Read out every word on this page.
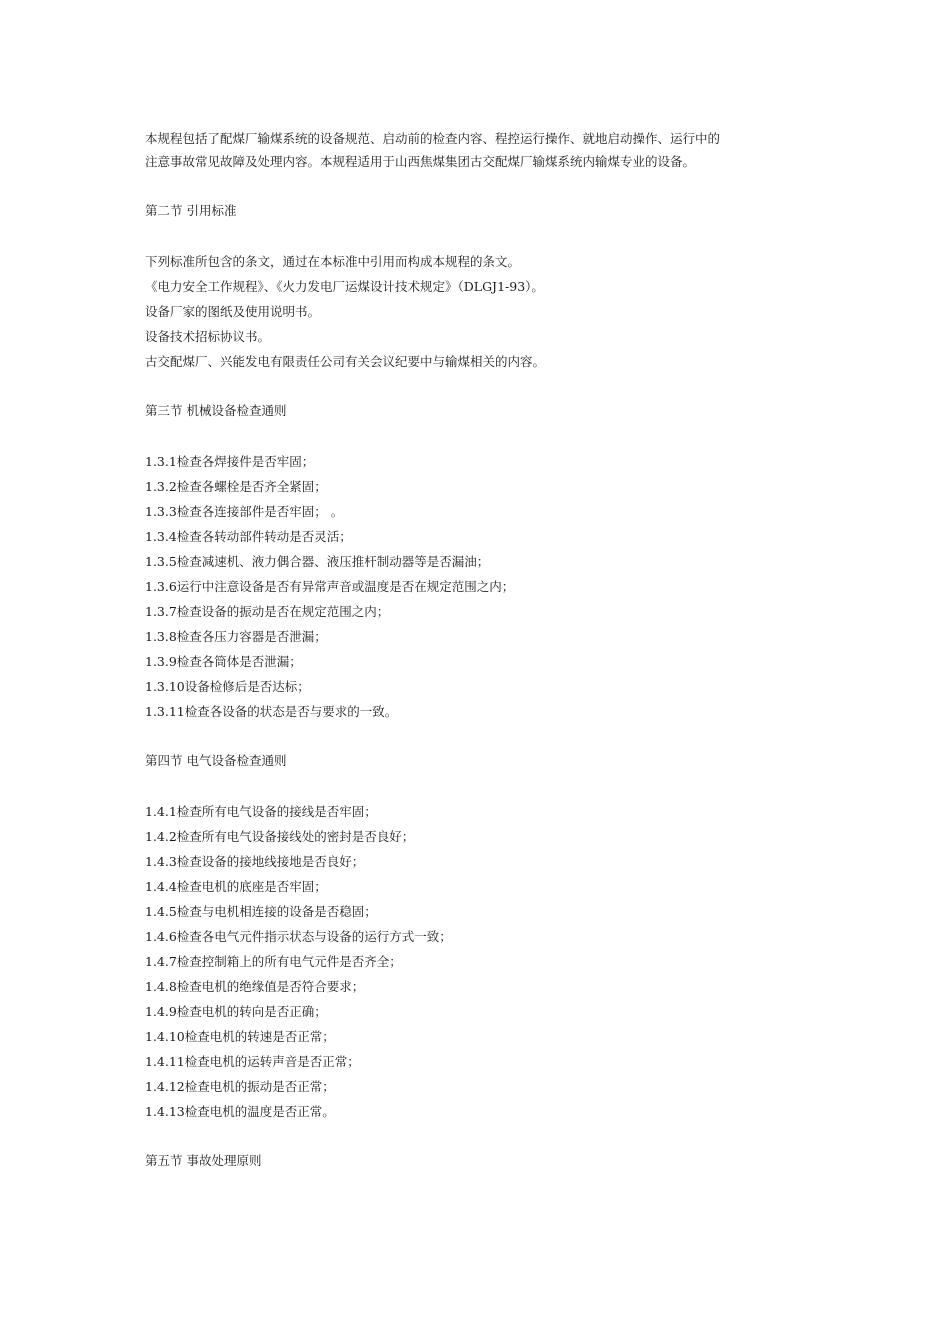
本规程包括了配煤厂输煤系统的设备规范、启动前的检查内容、程控运行操作、就地启动操作、运行中的

注意事故常见故障及处理内容。本规程适用于山西焦煤集团古交配煤厂输煤系统内输煤专业的设备。

第二节 引用标准

下列标准所包含的条文，通过在本标准中引用而构成本规程的条文。
《电力安全工作规程》、《火力发电厂运煤设计技术规定》（DLGJ1-93）。
设备厂家的图纸及使用说明书。
设备技术招标协议书。
古交配煤厂、兴能发电有限责任公司有关会议纪要中与输煤相关的内容。

第三节 机械设备检查通则

1.3.1检查各焊接件是否牢固；
1.3.2检查各螺栓是否齐全紧固；
1.3.3检查各连接部件是否牢固； 。
1.3.4检查各转动部件转动是否灵活；
1.3.5检查减速机、液力偶合器、液压推杆制动器等是否漏油；
1.3.6运行中注意设备是否有异常声音或温度是否在规定范围之内；
1.3.7检查设备的振动是否在规定范围之内；
1.3.8检查各压力容器是否泄漏；
1.3.9检查各筒体是否泄漏；
1.3.10设备检修后是否达标；
1.3.11检查各设备的状态是否与要求的一致。

第四节 电气设备检查通则

1.4.1检查所有电气设备的接线是否牢固；
1.4.2检查所有电气设备接线处的密封是否良好；
1.4.3检查设备的接地线接地是否良好；
1.4.4检查电机的底座是否牢固；
1.4.5检查与电机相连接的设备是否稳固；
1.4.6检查各电气元件指示状态与设备的运行方式一致；
1.4.7检查控制箱上的所有电气元件是否齐全；
1.4.8检查电机的绝缘值是否符合要求；
1.4.9检查电机的转向是否正确；
1.4.10检查电机的转速是否正常；
1.4.11检查电机的运转声音是否正常；
1.4.12检查电机的振动是否正常；
1.4.13检查电机的温度是否正常。

第五节 事故处理原则
